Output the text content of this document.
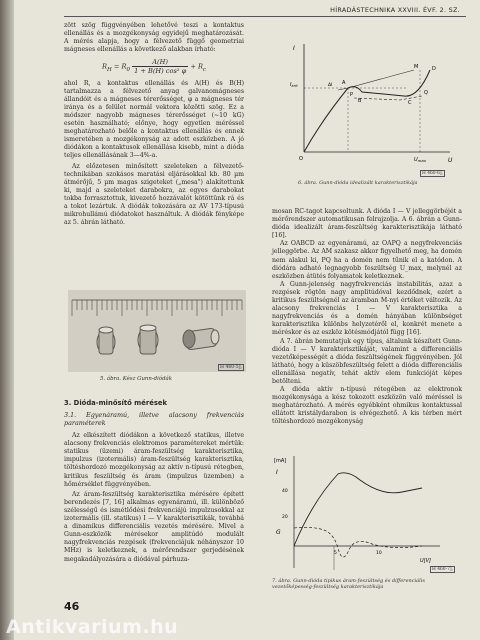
HÍRADÁSTECHNIKA XXVIII. ÉVF. 2. SZ.

zött szög függvényében lehetővé teszi a kontaktus ellenállás és a mozgékonyság egyidejű meghatározását. A mérés alapja, hogy a félvezető függő geometriai mágneses ellenállás a következő alakban írható:

$R_H = R_0 \frac{A(H)}{\text{1 + B(H) cos² φ}} + R_c$

ahol R, a kontaktus ellenállás és A(H) és B(H) tartalmazza a félvezető anyag galvanomágneses állandóit és a mágneses térerősséget, φ a mágneses tér iránya és a felület normál vektora közötti szög. Ez a módszer nagyobb mágneses térerősséget (~10 kG) esetén használható; előnye, hogy egyetlen méréssel meghatározható belőle a kontaktus ellenállás és ennek ismeretében a mozgékonyság az adott eszközben. A jó diódákon a kontaktusok ellenállása kisebb, mint a dióda teljes ellenállásának 3—4%-a.

Az előzetesen minősített szeleteken a félvezető-technikában szokásos maratási eljárásokkal kb. 80 µm átmérőjű, 5 µm magas szigeteket („mesa") alakítottunk ki, majd a szeleteket darabokra, az egyes darabokat tokba forrasztottuk, kivezető hozzávalót kötöttünk rá és a tokot lezártuk. A diódák tokozására az AV 173-típusú mikrohullámú diódatokot használtuk. A diódák fényképe az 5. ábrán látható.

5. ábra. Kész Gunn-diódák
H 460-5],
3. Dióda-minősítő mérések
3.1. Egyenáramú, illetve alacsony frekvenciás paraméterek

Az elkészített diódákon a következő statikus, illetve alacsony frekvenciás elektromos paramétereket mértük: statikus (üzemi) áram-feszültség karakterisztika, impulzus (izotermális) áram-feszültség karakterisztika, töltéshordozó mozgékonyság az aktív n-típusú rétegben, kritikus feszültség és áram (impulzus üzemben) a hőmérséklet függvényében.

Az áram-feszültség karakterisztika mérésére épített berendezés [7, 16] alkalmas egyenáramú, ill. különböző szélességű és ismétlődési frekvenciájú impulzusokkal az izotermális (ill. statikus) I — V karakterisztikák, továbbá a dinamikus differenciális vezetés mérésére. Mivel a Gunn-eszközök mérésekor amplitúdó modulált nagyfrekvenciás rezgések (frekvenciájuk néhányszor 10 MHz) is keletkeznek, a mérőrendszer gerjedésének megakadályozására a diódával párhuza-

46
I
$I_{krit}$
U
O
A
B	C
D
M
P	Q
ΔI
$U_{max}$
6. ábra. Gunn-dióda idealizált karakterisztikája
H 460-6],

mosan RC-tagot kapcsoltunk. A dióda I — V jelleggörbéjét a mérőrendszer automatikusan felrajzolja. A 6. ábrán a Gunn-dióda idealizált áram-feszültség karakterisztikája látható [16].

Az OABCD az egyenáramú, az OAPQ a negyfrekvenciás jelleggörbe. Az AM szakasz akkor figyelhető meg, ha domén nem alakul ki, PQ ha a domén nem tűnik el a katódon. A diódára adható legnagyobb feszültség U_max, melynél az eszközben átütés folyamatok keletkeznek.

A Gunn-jelenség nagyfrekvenciás instabilitás, azaz a rezgések rögtön nagy amplitúdóval kezdődnek, ezért a kritikus feszültségnél az áramban M-nyi értéket változik. Az alacsony frekvenciás I — V karakterisztika a nagyfrekvenciás és a domén hányában különbséget karakterisztika különbs helyzetéről el, konkrét menete a méréskor és az eszköz kötésmódjától függ [16].

A 7. ábrán bemutatjuk egy típus, általunk készített Gunn-dióda I — V karakterisztikáját, valamint a differenciális vezetőképességét a dióda feszültségének függvényében. Jól látható, hogy a küszöbfeszültség felett a dióda differenciális ellenállása negatív, tehát aktív elem funkcióját képes betölteni.

A dióda aktív n-típusú rétegében az elektronok mozgékonysága a kész tokozott eszközön való méréssel is meghatározható. A mérés egyébként ohmikus kontaktussal ellátott kristálydarabon is elvégezhető. A kis térben mért töltéshordozó mozgékonyság

[mA]
I
G
40
20
5	10
U[V]
H 460-7],
7. ábra. Gunn-dióda tipikus áram-feszültség és differenciális vezetőképesség-feszültség karakterisztikája
Antikvarium.hu
